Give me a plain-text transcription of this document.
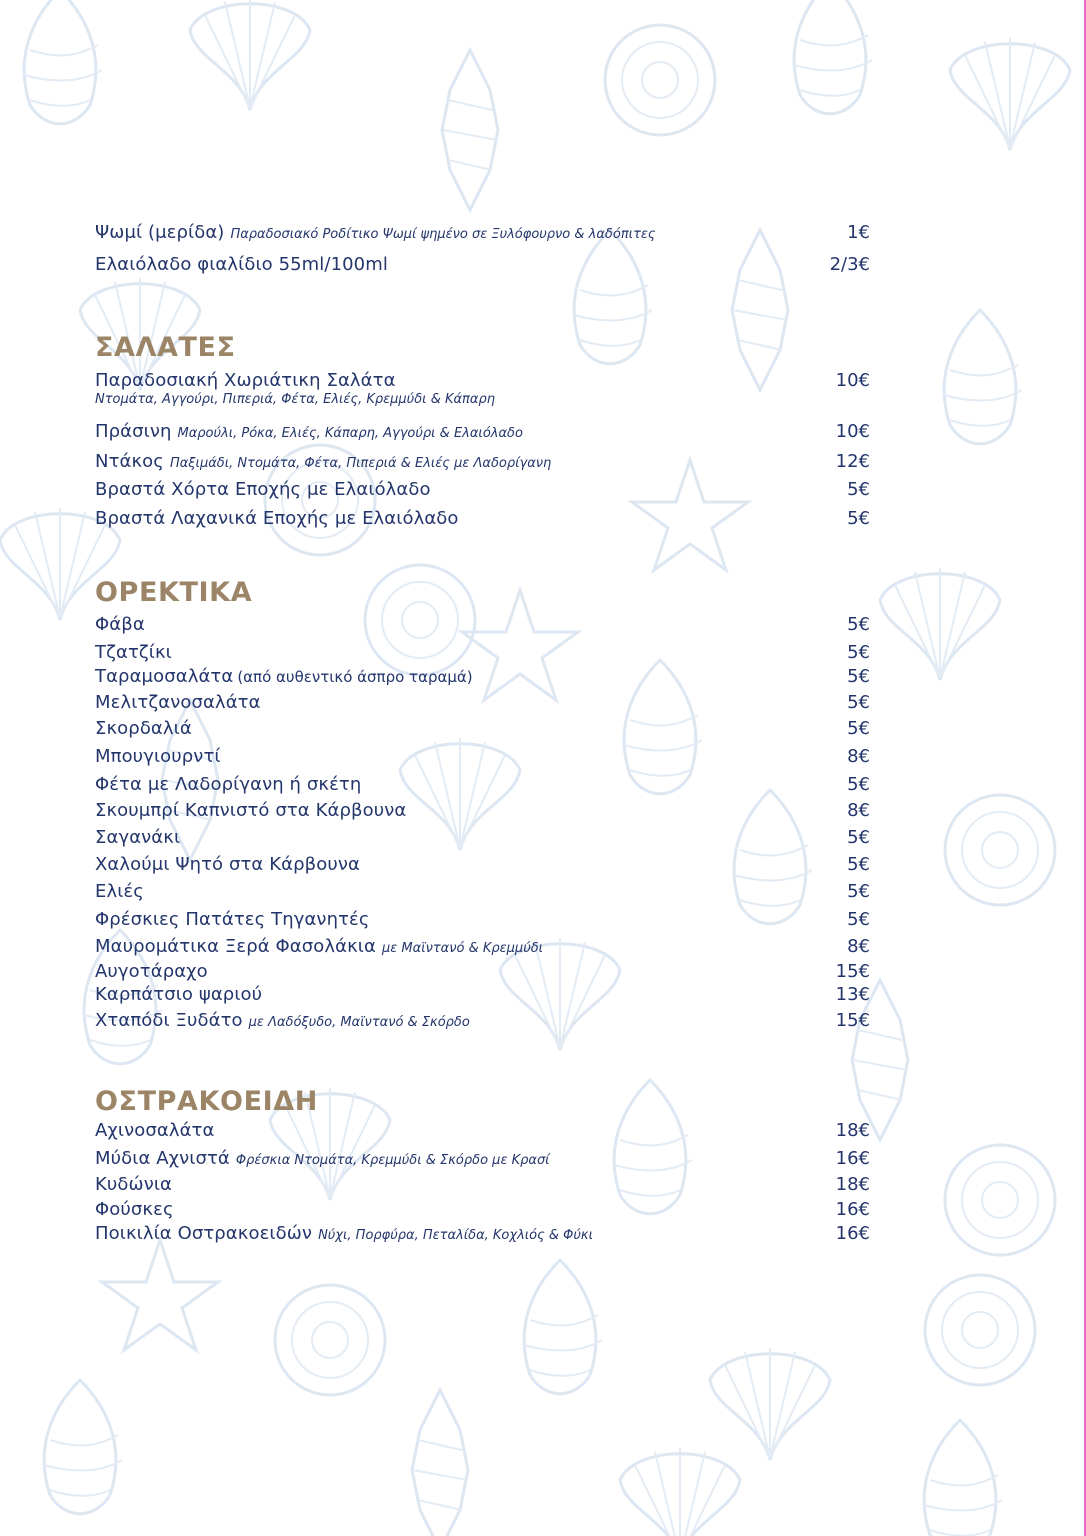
Ψωμί (μερίδα) Παραδοσιακό Ροδίτικο Ψωμί ψημένο σε Ξυλόφουρνο & λαδόπιτες	1€
Ελαιόλαδο φιαλίδιο 55ml/100ml	2/3€
ΣΑΛΑΤΕΣ
Παραδοσιακή Χωριάτικη Σαλάτα	10€
Ντομάτα, Αγγούρι, Πιπεριά, Φέτα, Ελιές, Κρεμμύδι & Κάπαρη
Πράσινη Μαρούλι, Ρόκα, Ελιές, Κάπαρη, Αγγούρι & Ελαιόλαδο	10€
Ντάκος Παξιμάδι, Ντομάτα, Φέτα, Πιπεριά & Ελιές με Λαδορίγανη	12€
Βραστά Χόρτα Εποχής με Ελαιόλαδο	5€
Βραστά Λαχανικά Εποχής με Ελαιόλαδο	5€
ΟΡΕΚΤΙΚΑ
Φάβα	5€
Τζατζίκι	5€
Ταραμοσαλάτα (από αυθεντικό άσπρο ταραμά)	5€
Μελιτζανοσαλάτα	5€
Σκορδαλιά	5€
Μπουγιουρντί	8€
Φέτα με Λαδορίγανη ή σκέτη	5€
Σκουμπρί Καπνιστό στα Κάρβουνα	8€
Σαγανάκι	5€
Χαλούμι Ψητό στα Κάρβουνα	5€
Ελιές	5€
Φρέσκιες Πατάτες Τηγανητές	5€
Μαυρομάτικα Ξερά Φασολάκια με Μαϊντανό & Κρεμμύδι	8€
Αυγοτάραχο	15€
Καρπάτσιο ψαριού	13€
Χταπόδι Ξυδάτο με Λαδόξυδο, Μαϊντανό & Σκόρδο	15€
ΟΣΤΡΑΚΟΕΙΔΗ
Αχινοσαλάτα	18€
Μύδια Αχνιστά Φρέσκια Ντομάτα, Κρεμμύδι & Σκόρδο με Κρασί	16€
Κυδώνια	18€
Φούσκες	16€
Ποικιλία Οστρακοειδών Νύχι, Πορφύρα, Πεταλίδα, Κοχλιός & Φύκι	16€
